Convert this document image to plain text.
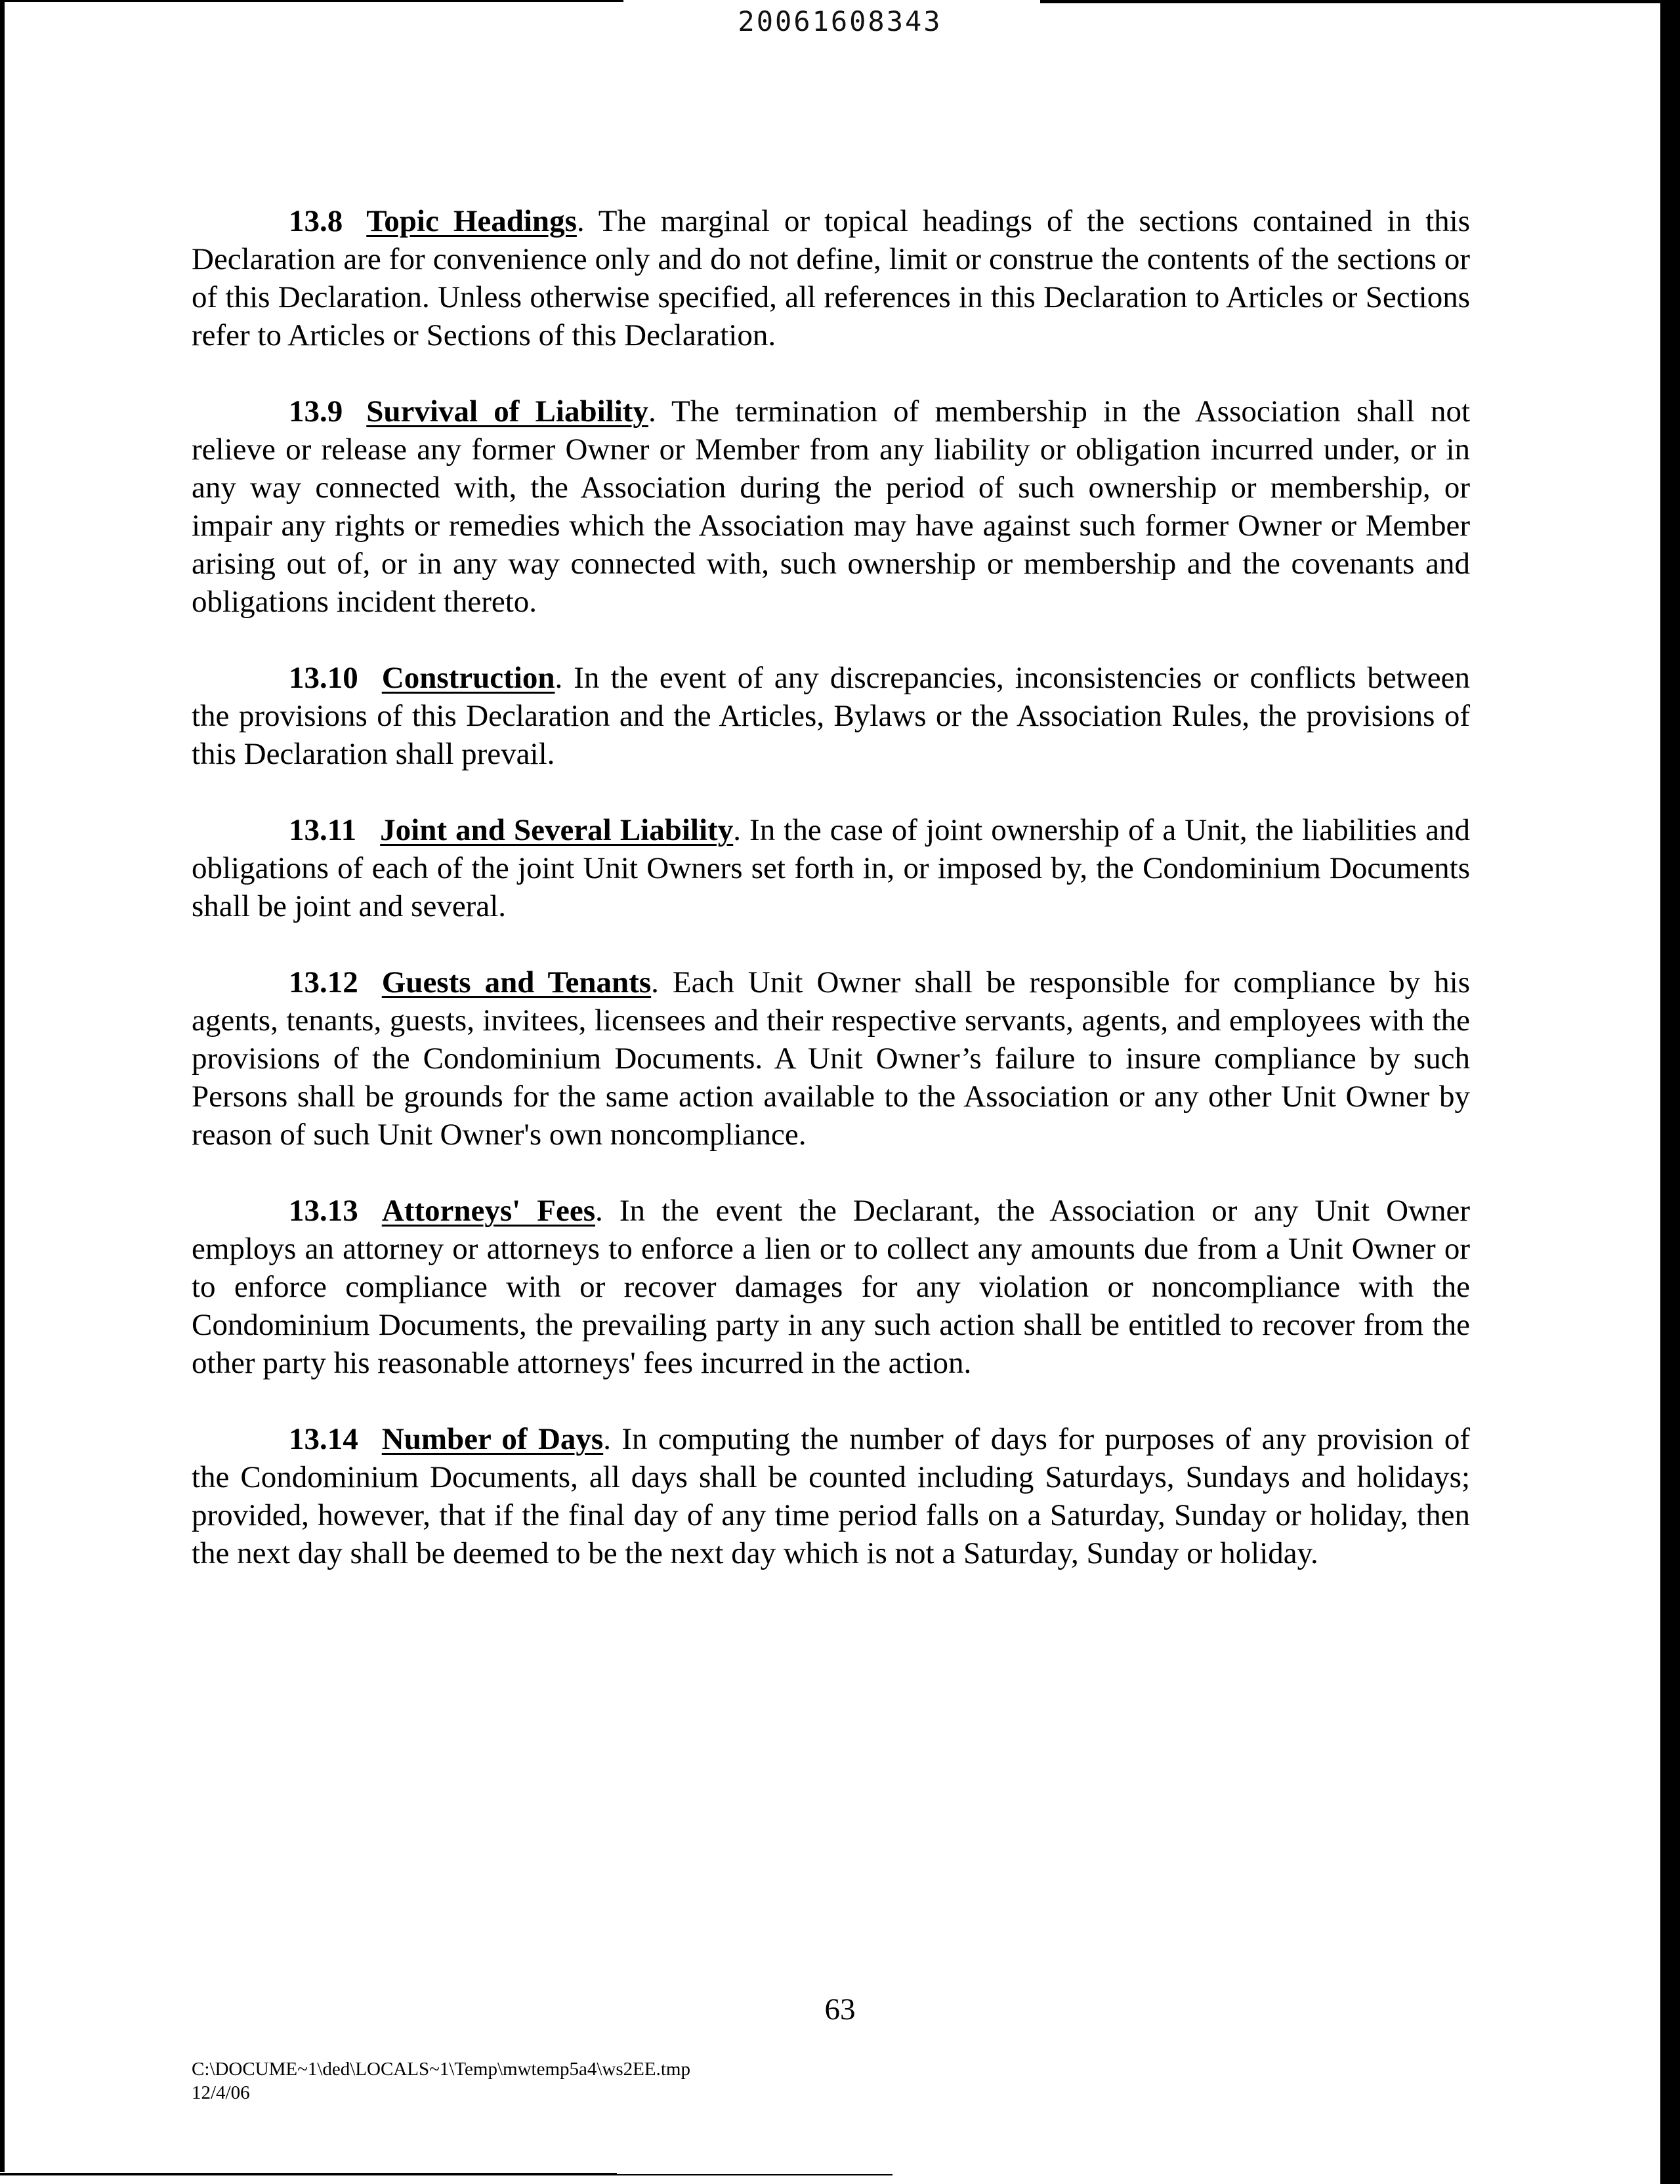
20061608343

13.8 Topic Headings. The marginal or topical headings of the sections contained in this Declaration are for convenience only and do not define, limit or construe the contents of the sections or of this Declaration. Unless otherwise specified, all references in this Declaration to Articles or Sections refer to Articles or Sections of this Declaration.

13.9 Survival of Liability. The termination of membership in the Association shall not relieve or release any former Owner or Member from any liability or obligation incurred under, or in any way connected with, the Association during the period of such ownership or membership, or impair any rights or remedies which the Association may have against such former Owner or Member arising out of, or in any way connected with, such ownership or membership and the covenants and obligations incident thereto.

13.10 Construction. In the event of any discrepancies, inconsistencies or conflicts between the provisions of this Declaration and the Articles, Bylaws or the Association Rules, the provisions of this Declaration shall prevail.

13.11 Joint and Several Liability. In the case of joint ownership of a Unit, the liabilities and obligations of each of the joint Unit Owners set forth in, or imposed by, the Condominium Documents shall be joint and several.

13.12 Guests and Tenants. Each Unit Owner shall be responsible for compliance by his agents, tenants, guests, invitees, licensees and their respective servants, agents, and employees with the provisions of the Condominium Documents. A Unit Owner’s failure to insure compliance by such Persons shall be grounds for the same action available to the Association or any other Unit Owner by reason of such Unit Owner's own noncompliance.

13.13 Attorneys' Fees. In the event the Declarant, the Association or any Unit Owner employs an attorney or attorneys to enforce a lien or to collect any amounts due from a Unit Owner or to enforce compliance with or recover damages for any violation or noncompliance with the Condominium Documents, the prevailing party in any such action shall be entitled to recover from the other party his reasonable attorneys' fees incurred in the action.

13.14 Number of Days. In computing the number of days for purposes of any provision of the Condominium Documents, all days shall be counted including Saturdays, Sundays and holidays; provided, however, that if the final day of any time period falls on a Saturday, Sunday or holiday, then the next day shall be deemed to be the next day which is not a Saturday, Sunday or holiday.

63
C:\DOCUME~1\ded\LOCALS~1\Temp\mwtemp5a4\ws2EE.tmp
12/4/06
